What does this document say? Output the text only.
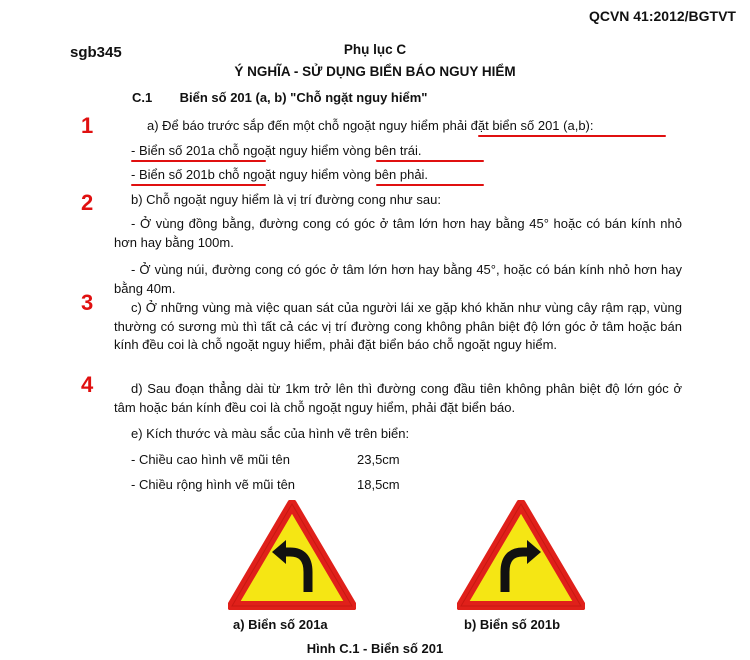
QCVN 41:2012/BGTVT
sgb345	Phụ lục C
Ý NGHĨA - SỬ DỤNG BIỂN BÁO NGUY HIỂM
C.1 Biển số 201 (a, b) "Chỗ ngặt nguy hiểm"
1
2
3
4
a) Để báo trước sắp đến một chỗ ngoặt nguy hiểm phải đặt biển số 201 (a,b):
- Biển số 201a chỗ ngoặt nguy hiểm vòng bên trái.
- Biển số 201b chỗ ngoặt nguy hiểm vòng bên phải.
b) Chỗ ngoặt nguy hiểm là vị trí đường cong như sau:
- Ở vùng đồng bằng, đường cong có góc ở tâm lớn hơn hay bằng 45° hoặc có bán kính nhỏ hơn hay bằng 100m.
- Ở vùng núi, đường cong có góc ở tâm lớn hơn hay bằng 45°, hoặc có bán kính nhỏ hơn hay bằng 40m.
c) Ở những vùng mà việc quan sát của người lái xe gặp khó khăn như vùng cây rậm rạp, vùng thường có sương mù thì tất cả các vị trí đường cong không phân biệt độ lớn góc ở tâm hoặc bán kính đều coi là chỗ ngoặt nguy hiểm, phải đặt biển báo chỗ ngoặt nguy hiểm.
d) Sau đoạn thẳng dài từ 1km trở lên thì đường cong đầu tiên không phân biệt độ lớn góc ở tâm hoặc bán kính đều coi là chỗ ngoặt nguy hiểm, phải đặt biển báo.
e) Kích thước và màu sắc của hình vẽ trên biển:
- Chiều cao hình vẽ mũi tên	23,5cm
- Chiều rộng hình vẽ mũi tên	18,5cm
a) Biển số 201a	b) Biển số 201b
Hình C.1 - Biển số 201
